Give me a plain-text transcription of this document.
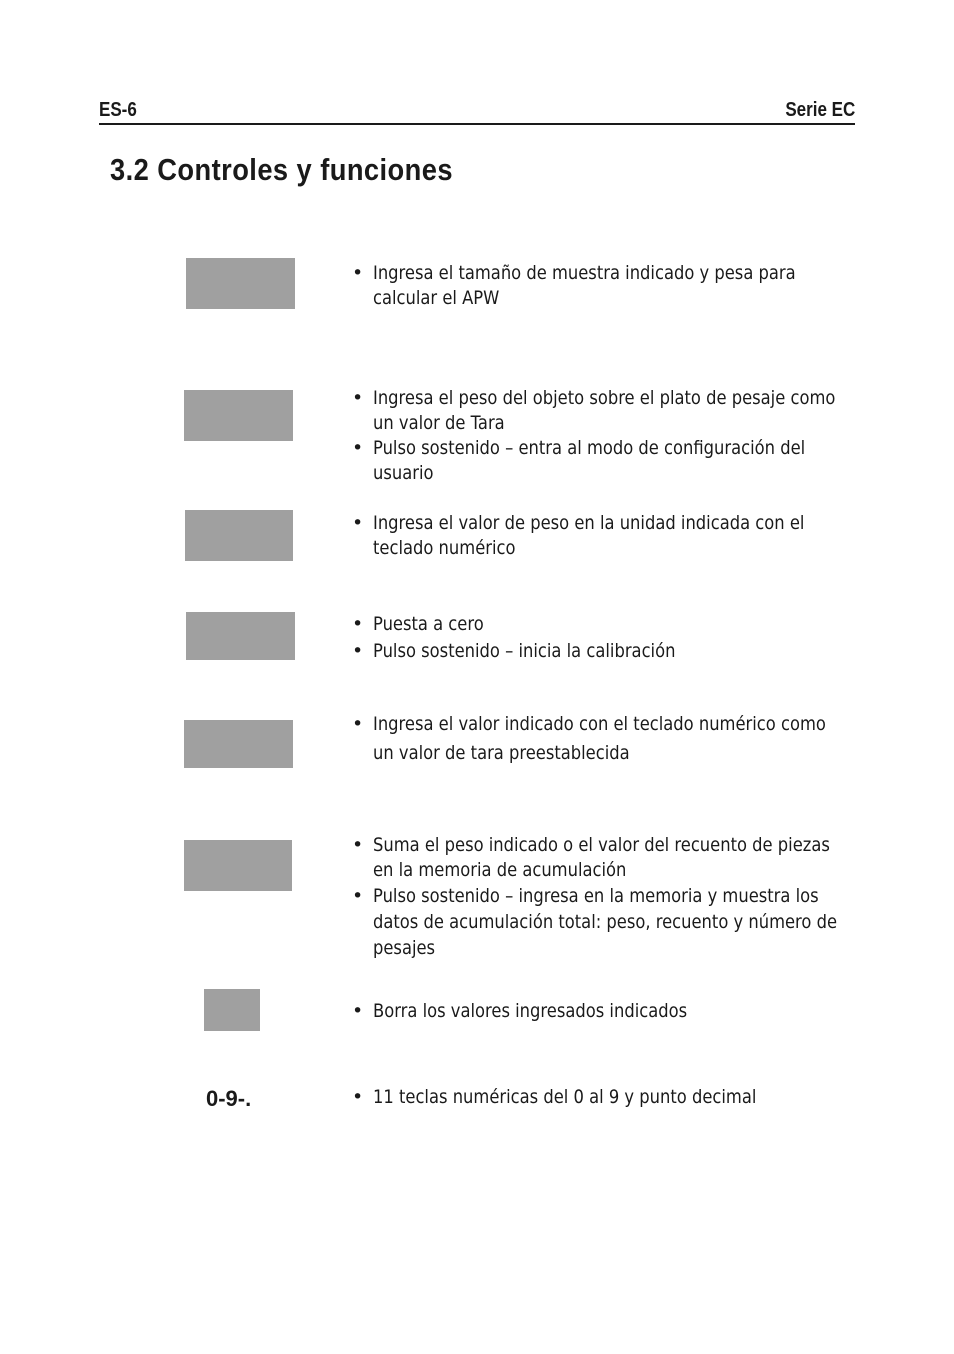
ES-6	Serie EC
3.2 Controles y funciones
• Ingresa el tamaño de muestra indicado y pesa para calcular el APW
• Ingresa el peso del objeto sobre el plato de pesaje como un valor de Tara
• Pulso sostenido – entra al modo de configuración del usuario
• Ingresa el valor de peso en la unidad indicada con el teclado numérico
• Puesta a cero
• Pulso sostenido – inicia la calibración
• Ingresa el valor indicado con el teclado numérico como un valor de tara preestablecida
• Suma el peso indicado o el valor del recuento de piezas en la memoria de acumulación
• Pulso sostenido – ingresa en la memoria y muestra los datos de acumulación total: peso, recuento y número de pesajes
• Borra los valores ingresados indicados
0-9-.	• 11 teclas numéricas del 0 al 9 y punto decimal
